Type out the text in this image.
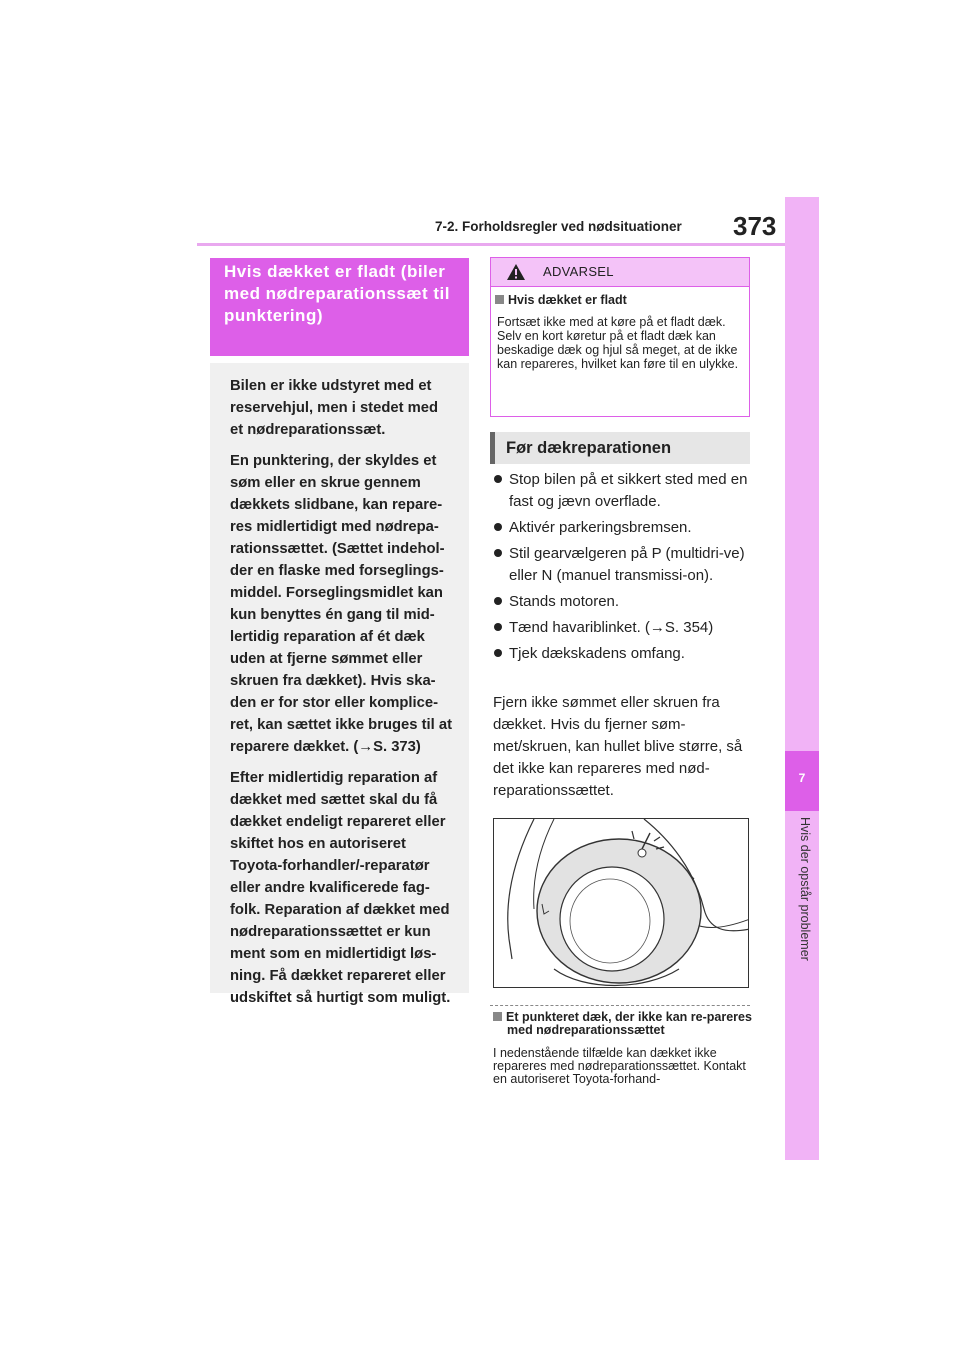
7-2. Forholdsregler ved nødsituationer 373
7
Hvis der opstår problemer
Hvis dækket er fladt (biler med nødreparationssæt til punktering)

Bilen er ikke udstyret med et reservehjul, men i stedet med et nødreparationssæt.

En punktering, der skyldes et søm eller en skrue gennem dækkets slidbane, kan repare-res midlertidigt med nødrepa-rationssættet. (Sættet indehol-der en flaske med forseglings-middel. Forseglingsmidlet kan kun benyttes én gang til mid-lertidig reparation af ét dæk uden at fjerne sømmet eller skruen fra dækket). Hvis ska-den er for stor eller komplice-ret, kan sættet ikke bruges til at reparere dækket. (→S. 373)

Efter midlertidig reparation af dækket med sættet skal du få dækket endeligt repareret eller skiftet hos en autoriseret Toyota-forhandler/-reparatør eller andre kvalificerede fag-folk. Reparation af dækket med nødreparationssættet er kun ment som en midlertidigt løs-ning. Få dækket repareret eller udskiftet så hurtigt som muligt.

ADVARSEL
Hvis dækket er fladt
Fortsæt ikke med at køre på et fladt dæk.
Selv en kort køretur på et fladt dæk kan beskadige dæk og hjul så meget, at de ikke kan repareres, hvilket kan føre til en ulykke.
Før dækreparationen
Stop bilen på et sikkert sted med en fast og jævn overflade.
Aktivér parkeringsbremsen.
Stil gearvælgeren på P (multidri-ve) eller N (manuel transmissi-on).
Stands motoren.
Tænd havariblinket. (→S. 354)
Tjek dækskadens omfang.
Fjern ikke sømmet eller skruen fra dækket. Hvis du fjerner søm-met/skruen, kan hullet blive større, så det ikke kan repareres med nød-reparationssættet.
Et punkteret dæk, der ikke kan re-pareres med nødreparationssættet
I nedenstående tilfælde kan dækket ikke repareres med nødreparationssættet. Kontakt en autoriseret Toyota-forhand-
